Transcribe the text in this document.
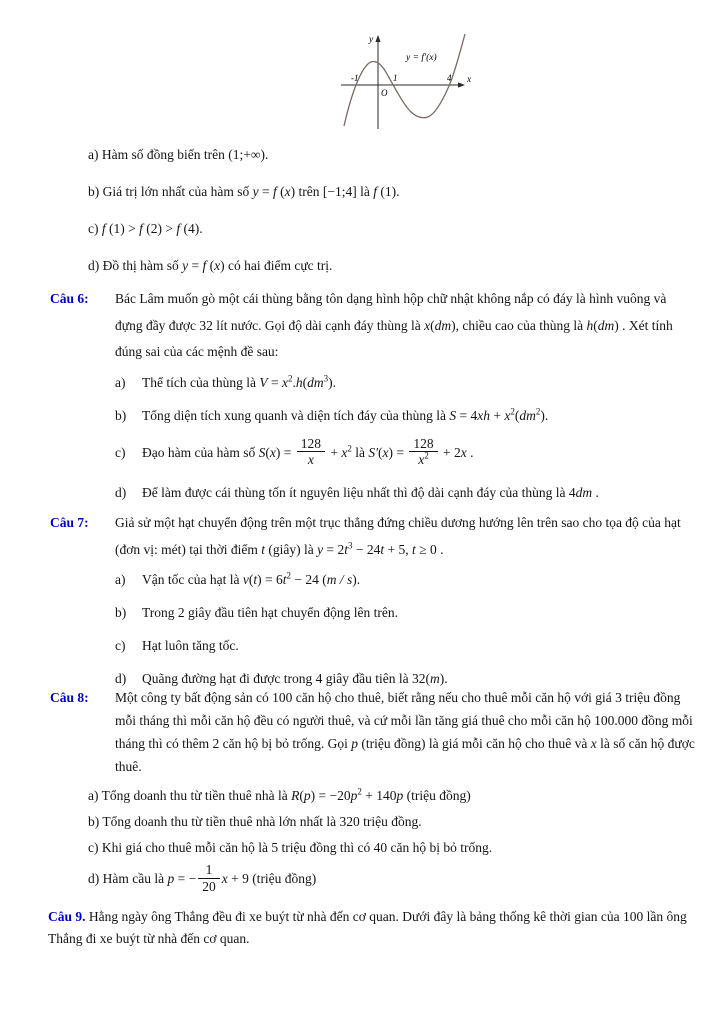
y
x
O
-1	1	4
y = f′(x)

a) Hàm số đồng biến trên (1;+∞).

b) Giá trị lớn nhất của hàm số y = f (x) trên [−1;4] là f (1).

c) f (1) > f (2) > f (4).

d) Đồ thị hàm số y = f (x) có hai điểm cực trị.

Câu 6:	Bác Lâm muốn gò một cái thùng bằng tôn dạng hình hộp chữ nhật không nắp có đáy là hình vuông và đựng đầy được 32 lít nước. Gọi độ dài cạnh đáy thùng là x(dm), chiều cao của thùng là h(dm) . Xét tính đúng sai của các mệnh đề sau:

a) Thể tích của thùng là $V = x^2.h(dm^3)$.
b) Tổng diện tích xung quanh và diện tích đáy của thùng là $S = 4xh + x^2(dm^2)$.
c) Đạo hàm của hàm số $S(x) = \frac{128}{x} + x^2$ là $S'(x) = \frac{128}{x^2} + 2x$ .
d) Để làm được cái thùng tốn ít nguyên liệu nhất thì độ dài cạnh đáy của thùng là 4dm .
Câu 7:	Giả sử một hạt chuyển động trên một trục thẳng đứng chiều dương hướng lên trên sao cho tọa độ của hạt (đơn vị: mét) tại thời điểm t (giây) là $y = 2t^3 - 24t + 5$, t ≥ 0 .

a) Vận tốc của hạt là $v(t) = 6t^2 - 24$ (m / s).
b) Trong 2 giây đầu tiên hạt chuyển động lên trên.
c) Hạt luôn tăng tốc.
d) Quãng đường hạt đi được trong 4 giây đầu tiên là 32(m).
Câu 8:	Một công ty bất động sản có 100 căn hộ cho thuê, biết rằng nếu cho thuê mỗi căn hộ với giá 3 triệu đồng mỗi tháng thì mỗi căn hộ đều có người thuê, và cứ mỗi lần tăng giá thuê cho mỗi căn hộ 100.000 đồng mỗi tháng thì có thêm 2 căn hộ bị bỏ trống. Gọi p (triệu đồng) là giá mỗi căn hộ cho thuê và x là số căn hộ được thuê.

a) Tổng doanh thu từ tiền thuê nhà là $R(p) = -20p^2 + 140p$ (triệu đồng)

b) Tổng doanh thu từ tiền thuê nhà lớn nhất là 320 triệu đồng.

c) Khi giá cho thuê mỗi căn hộ là 5 triệu đồng thì có 40 căn hộ bị bỏ trống.

d) Hàm cầu là p = − $\frac{1}{20}$ x + 9 (triệu đồng)

Câu 9. Hằng ngày ông Thắng đều đi xe buýt từ nhà đến cơ quan. Dưới đây là bảng thống kê thời gian của 100 lần ông Thắng đi xe buýt từ nhà đến cơ quan.
